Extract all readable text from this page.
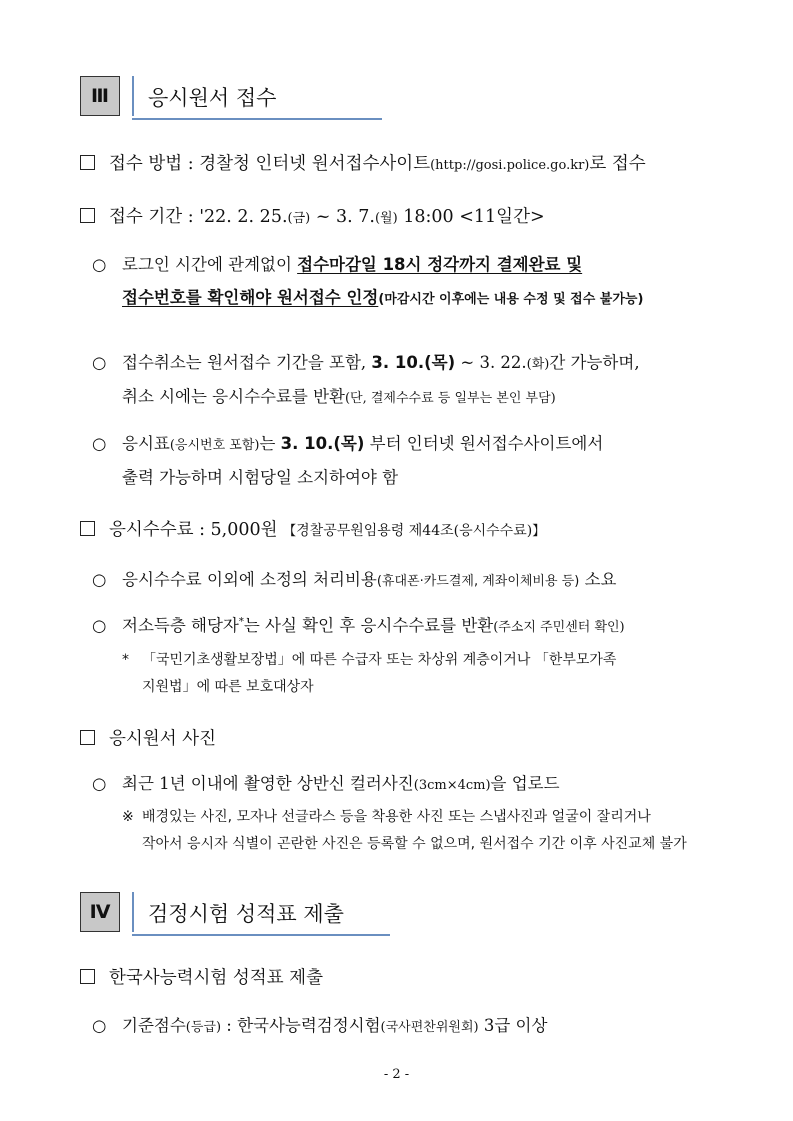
Ⅲ	응시원서 접수
접수 방법 : 경찰청 인터넷 원서접수사이트(http://gosi.police.go.kr)로 접수
접수 기간 : '22. 2. 25.(금) ~ 3. 7.(월) 18:00 <11일간>
○ 로그인 시간에 관계없이 접수마감일 18시 정각까지 결제완료 및
접수번호를 확인해야 원서접수 인정(마감시간 이후에는 내용 수정 및 접수 불가능)
○ 접수취소는 원서접수 기간을 포함, 3. 10.(목) ~ 3. 22.(화)간 가능하며,
취소 시에는 응시수수료를 반환(단, 결제수수료 등 일부는 본인 부담)
○ 응시표(응시번호 포함)는 3. 10.(목) 부터 인터넷 원서접수사이트에서
출력 가능하며 시험당일 소지하여야 함
응시수수료 : 5,000원 【경찰공무원임용령 제44조(응시수수료)】
○ 응시수수료 이외에 소정의 처리비용(휴대폰·카드결제, 계좌이체비용 등) 소요
○ 저소득층 해당자*는 사실 확인 후 응시수수료를 반환(주소지 주민센터 확인)
* 「국민기초생활보장법」에 따른 수급자 또는 차상위 계층이거나 「한부모가족
지원법」에 따른 보호대상자
응시원서 사진
○ 최근 1년 이내에 촬영한 상반신 컬러사진(3cm×4cm)을 업로드
※ 배경있는 사진, 모자나 선글라스 등을 착용한 사진 또는 스냅사진과 얼굴이 잘리거나
작아서 응시자 식별이 곤란한 사진은 등록할 수 없으며, 원서접수 기간 이후 사진교체 불가
Ⅳ	검정시험 성적표 제출
한국사능력시험 성적표 제출
○ 기준점수(등급) : 한국사능력검정시험(국사편찬위원회) 3급 이상
- 2 -
